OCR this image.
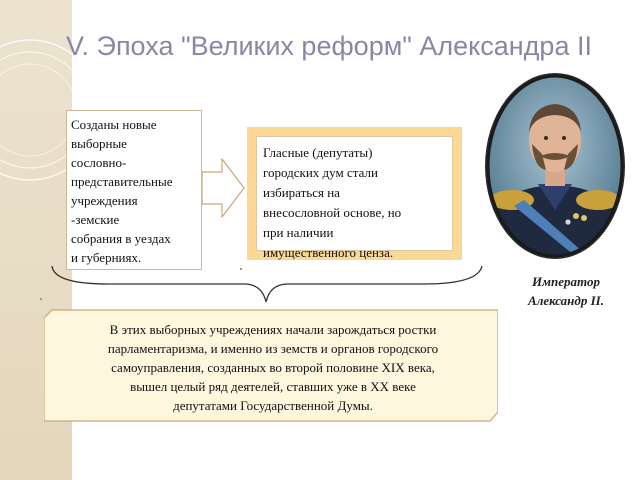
V. Эпоха "Великих реформ" Александра II
Созданы новые
выборные
сословно-
представительные
учреждения
-земские
собрания в уездах
и губерниях.
Гласные (депутаты)
городских дум стали
избираться на
внесословной основе, но
при наличии
имущественного ценза.
Император
Александр II.
В этих выборных учреждениях начали зарождаться ростки
парламентаризма, и именно из земств и органов городского
самоуправления, созданных во второй половине XIX века,
вышел целый ряд деятелей, ставших уже в ХХ веке
депутатами Государственной Думы.
